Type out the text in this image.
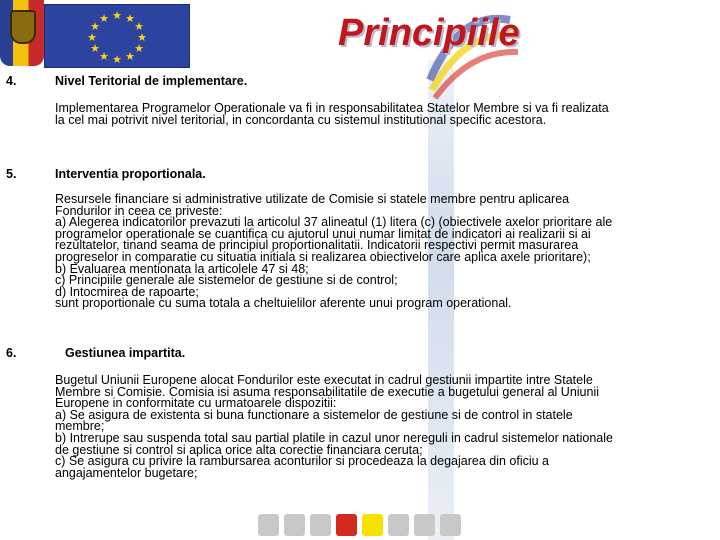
★ ★
★
★
★
★
★
★
★
★
★
★	Principiile
4.	Nivel Teritorial de implementare.

Implementarea Programelor Operationale va fi in responsabilitatea Statelor Membre si va fi realizata

la cel mai potrivit nivel teritorial, in concordanta cu sistemul institutional specific acestora.

5.	Interventia proportionala.

Resursele financiare si administrative utilizate de Comisie si statele membre pentru aplicarea

Fondurilor in ceea ce priveste:

a) Alegerea indicatorilor prevazuti la articolul 37 alineatul (1) litera (c) (obiectivele axelor prioritare ale

programelor operationale se cuantifica cu ajutorul unui numar limitat de indicatori ai realizarii si ai

rezultatelor, tinand seama de principiul proportionalitatii. Indicatorii respectivi permit masurarea

progreselor in comparatie cu situatia initiala si realizarea obiectivelor care aplica axele prioritare);

b) Evaluarea mentionata la articolele 47 si 48;

c) Principiile generale ale sistemelor de gestiune si de control;

d) Intocmirea de rapoarte;

sunt proportionale cu suma totala a cheltuielilor aferente unui program operational.

6.	Gestiunea impartita.

Bugetul Uniunii Europene alocat Fondurilor este executat in cadrul gestiunii impartite intre Statele

Membre si Comisie. Comisia isi asuma responsabilitatile de executie a bugetului general al Uniunii

Europene in conformitate cu urmatoarele dispozitii:

a) Se asigura de existenta si buna functionare a sistemelor de gestiune si de control in statele

membre;

b) Intrerupe sau suspenda total sau partial platile in cazul unor nereguli in cadrul sistemelor nationale

de gestiune si control si aplica orice alta corectie financiara ceruta;

c) Se asigura cu privire la rambursarea aconturilor si procedeaza la degajarea din oficiu a

angajamentelor bugetare;
